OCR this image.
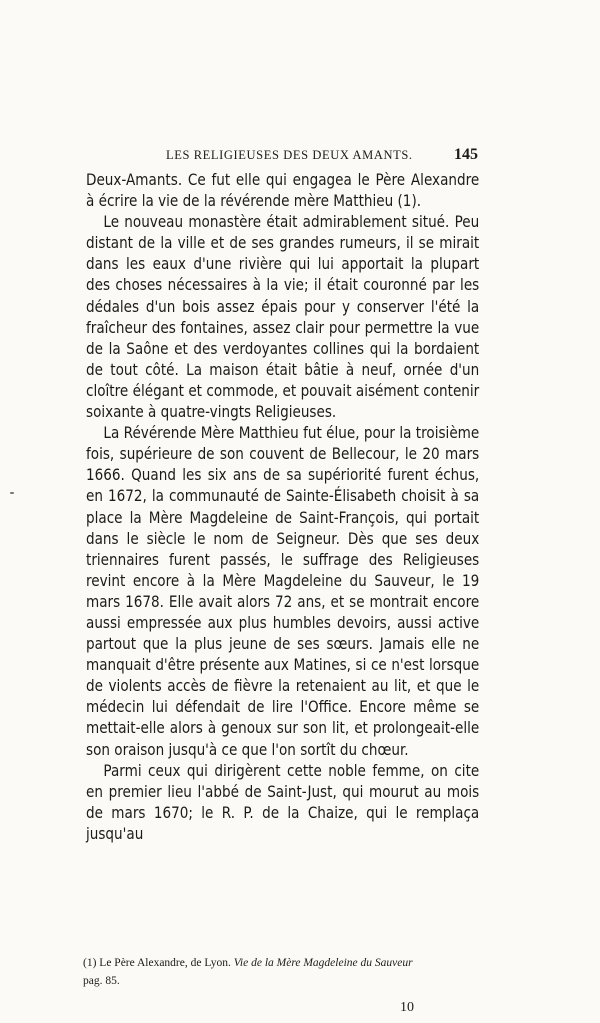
LES RELIGIEUSES DES DEUX AMANTS.	145

Deux-Amants. Ce fut elle qui engagea le Père Alexandre à écrire la vie de la révérende mère Matthieu (1).

Le nouveau monastère était admirablement situé. Peu distant de la ville et de ses grandes rumeurs, il se mirait dans les eaux d'une rivière qui lui apportait la plupart des choses nécessaires à la vie; il était couronné par les dédales d'un bois assez épais pour y conserver l'été la fraîcheur des fontaines, assez clair pour permettre la vue de la Saône et des verdoyantes collines qui la bordaient de tout côté. La maison était bâtie à neuf, ornée d'un cloître élégant et commode, et pouvait aisément contenir soixante à quatre-vingts Religieuses.

La Révérende Mère Matthieu fut élue, pour la troisième fois, supérieure de son couvent de Bellecour, le 20 mars 1666. Quand les six ans de sa supériorité furent échus, en 1672, la communauté de Sainte-Élisabeth choisit à sa place la Mère Magdeleine de Saint-François, qui portait dans le siècle le nom de Seigneur. Dès que ses deux triennaires furent passés, le suffrage des Religieuses revint encore à la Mère Magdeleine du Sauveur, le 19 mars 1678. Elle avait alors 72 ans, et se montrait encore aussi empressée aux plus humbles devoirs, aussi active partout que la plus jeune de ses sœurs. Jamais elle ne manquait d'être présente aux Matines, si ce n'est lorsque de violents accès de fièvre la retenaient au lit, et que le médecin lui défendait de lire l'Office. Encore même se mettait-elle alors à genoux sur son lit, et prolongeait-elle son oraison jusqu'à ce que l'on sortît du chœur.

Parmi ceux qui dirigèrent cette noble femme, on cite en premier lieu l'abbé de Saint-Just, qui mourut au mois de mars 1670; le R. P. de la Chaize, qui le remplaça jusqu'au

(1) Le Père Alexandre, de Lyon. Vie de la Mère Magdeleine du Sauveur
pag. 85.
10
